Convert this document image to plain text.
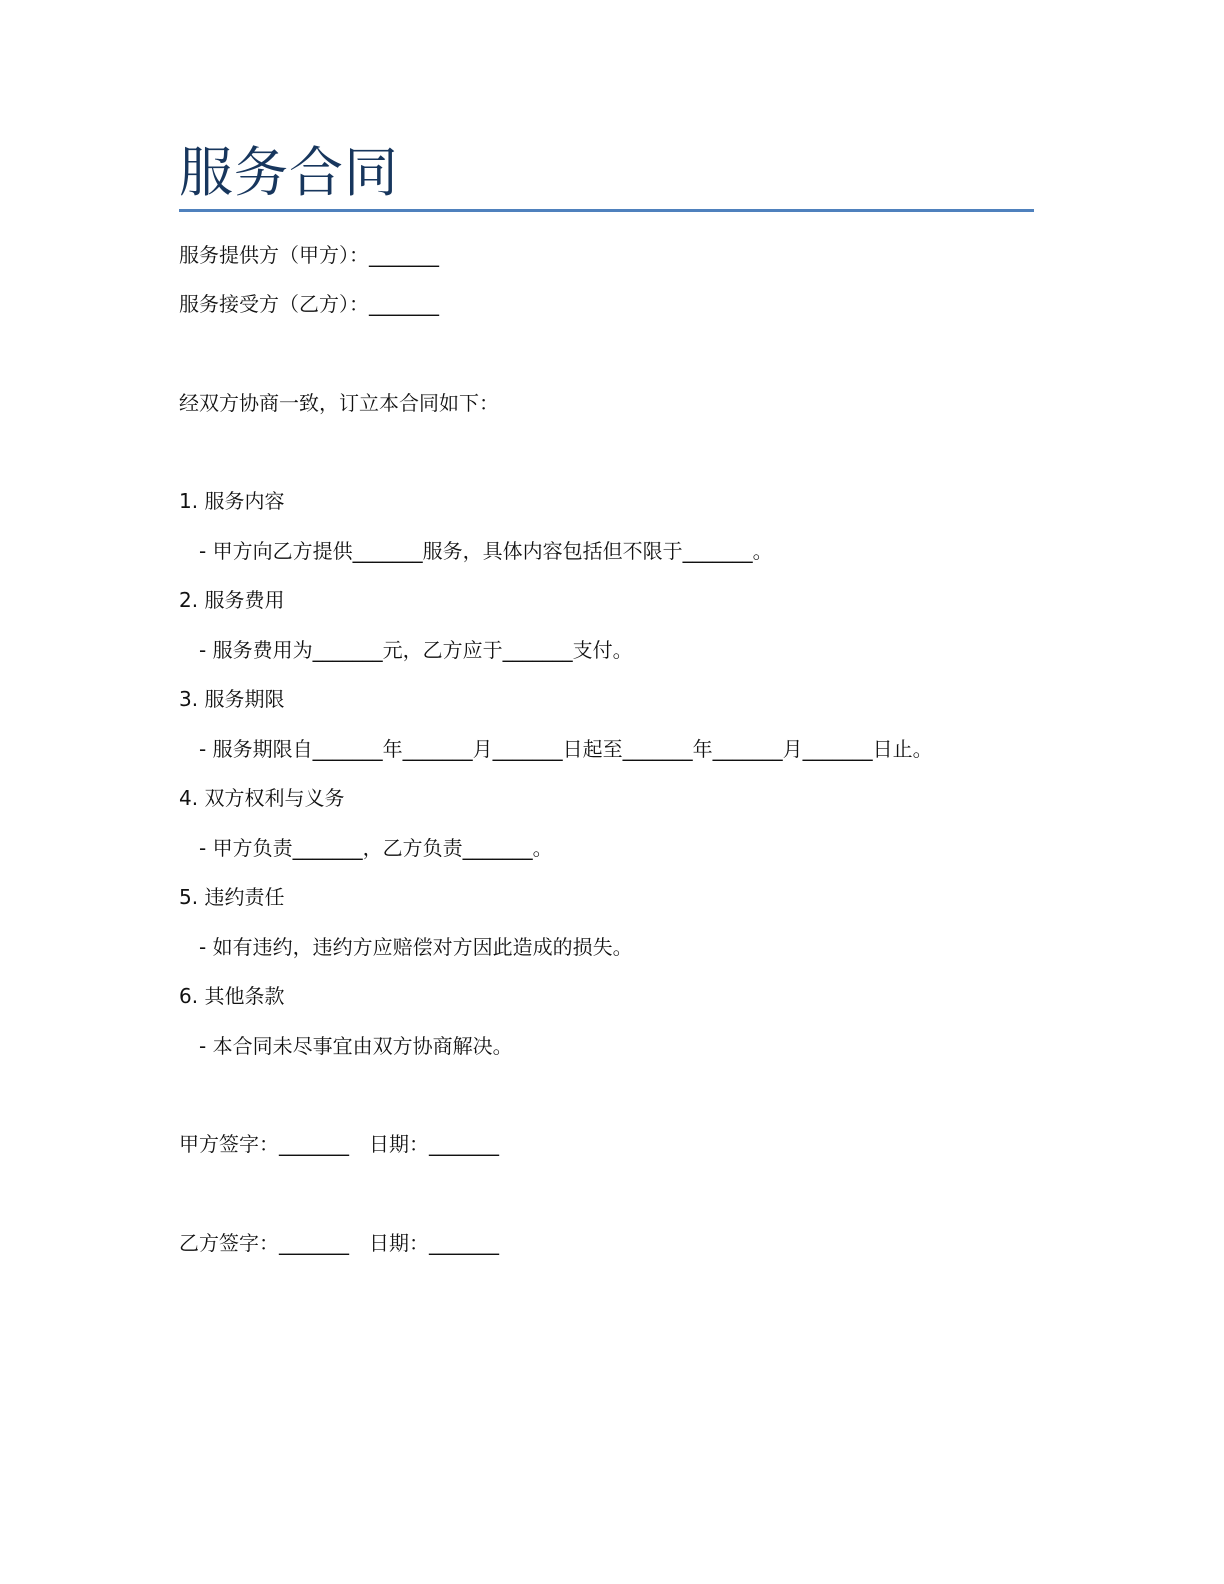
服务合同
服务提供方（甲方）：_______
服务接受方（乙方）：_______
经双方协商一致，订立本合同如下：
1. 服务内容
- 甲方向乙方提供_______服务，具体内容包括但不限于_______。
2. 服务费用
- 服务费用为_______元，乙方应于_______支付。
3. 服务期限
- 服务期限自_______年_______月_______日起至_______年_______月_______日止。
4. 双方权利与义务
- 甲方负责_______，乙方负责_______。
5. 违约责任
- 如有违约，违约方应赔偿对方因此造成的损失。
6. 其他条款
- 本合同未尽事宜由双方协商解决。
甲方签字：_______　日期：_______
乙方签字：_______　日期：_______
